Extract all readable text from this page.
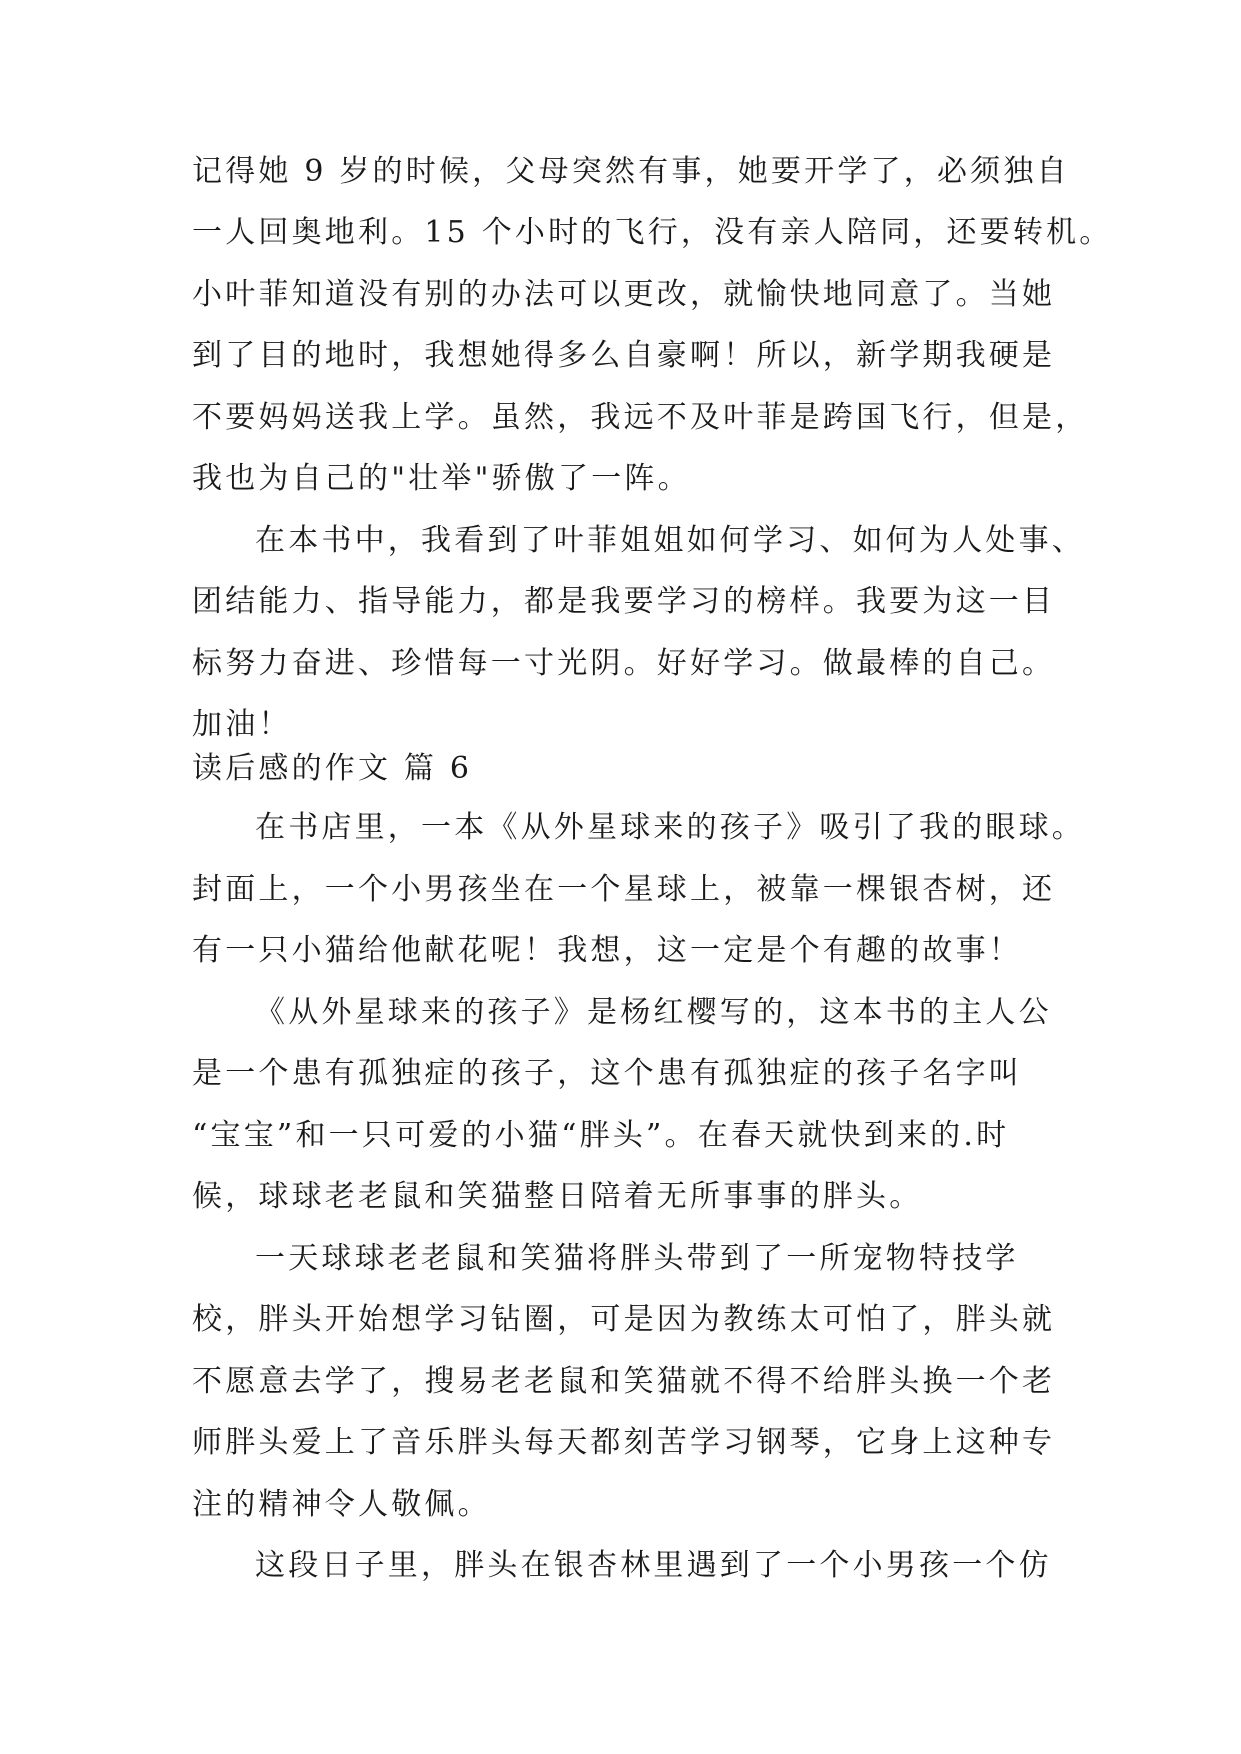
记得她 9 岁的时候，父母突然有事，她要开学了，必须独自
一人回奥地利。15 个小时的飞行，没有亲人陪同，还要转机。
小叶菲知道没有别的办法可以更改，就愉快地同意了。当她
到了目的地时，我想她得多么自豪啊！所以，新学期我硬是
不要妈妈送我上学。虽然，我远不及叶菲是跨国飞行，但是，
我也为自己的"壮举"骄傲了一阵。
在本书中，我看到了叶菲姐姐如何学习、如何为人处事、
团结能力、指导能力，都是我要学习的榜样。我要为这一目
标努力奋进、珍惜每一寸光阴。好好学习。做最棒的自己。
加油！
读后感的作文 篇 6
在书店里，一本《从外星球来的孩子》吸引了我的眼球。
封面上，一个小男孩坐在一个星球上，被靠一棵银杏树，还
有一只小猫给他献花呢！我想，这一定是个有趣的故事！
《从外星球来的孩子》是杨红樱写的，这本书的主人公
是一个患有孤独症的孩子，这个患有孤独症的孩子名字叫
“宝宝”和一只可爱的小猫“胖头”。在春天就快到来的.时
候，球球老老鼠和笑猫整日陪着无所事事的胖头。
一天球球老老鼠和笑猫将胖头带到了一所宠物特技学
校，胖头开始想学习钻圈，可是因为教练太可怕了，胖头就
不愿意去学了，搜易老老鼠和笑猫就不得不给胖头换一个老
师胖头爱上了音乐胖头每天都刻苦学习钢琴，它身上这种专
注的精神令人敬佩。
这段日子里，胖头在银杏林里遇到了一个小男孩一个仿
